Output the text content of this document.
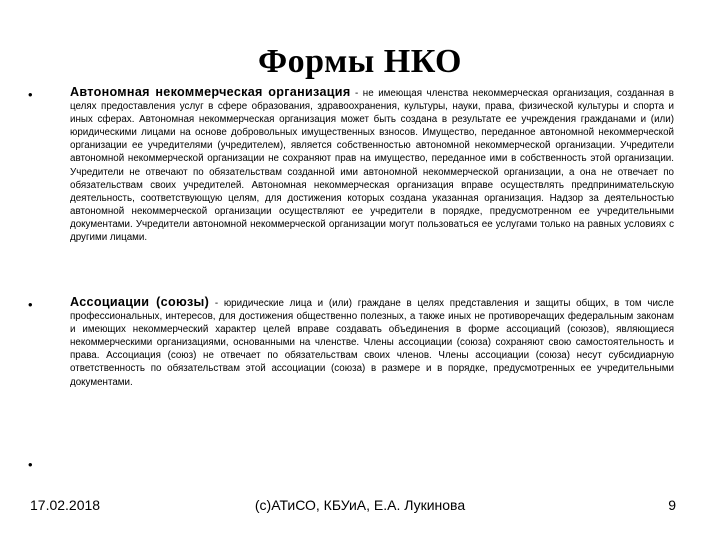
Формы НКО
•	Автономная некоммерческая организация - не имеющая членства некоммерческая организация, созданная в целях предоставления услуг в сфере образования, здравоохранения, культуры, науки, права, физической культуры и спорта и иных сферах. Автономная некоммерческая организация может быть создана в результате ее учреждения гражданами и (или) юридическими лицами на основе добровольных имущественных взносов. Имущество, переданное автономной некоммерческой организации ее учредителями (учредителем), является собственностью автономной некоммерческой организации. Учредители автономной некоммерческой организации не сохраняют прав на имущество, переданное ими в собственность этой организации. Учредители не отвечают по обязательствам созданной ими автономной некоммерческой организации, а она не отвечает по обязательствам своих учредителей. Автономная некоммерческая организация вправе осуществлять предпринимательскую деятельность, соответствующую целям, для достижения которых создана указанная организация. Надзор за деятельностью автономной некоммерческой организации осуществляют ее учредители в порядке, предусмотренном ее учредительными документами. Учредители автономной некоммерческой организации могут пользоваться ее услугами только на равных условиях с другими лицами.
•	Ассоциации (союзы) - юридические лица и (или) граждане в целях представления и защиты общих, в том числе профессиональных, интересов, для достижения общественно полезных, а также иных не противоречащих федеральным законам и имеющих некоммерческий характер целей вправе создавать объединения в форме ассоциаций (союзов), являющиеся некоммерческими организациями, основанными на членстве. Члены ассоциации (союза) сохраняют свою самостоятельность и права. Ассоциация (союз) не отвечает по обязательствам своих членов. Члены ассоциации (союза) несут субсидиарную ответственность по обязательствам этой ассоциации (союза) в размере и в порядке, предусмотренных ее учредительными документами.
•
17.02.2018	(с)АТиСО, КБУиА, Е.А. Лукинова	9
